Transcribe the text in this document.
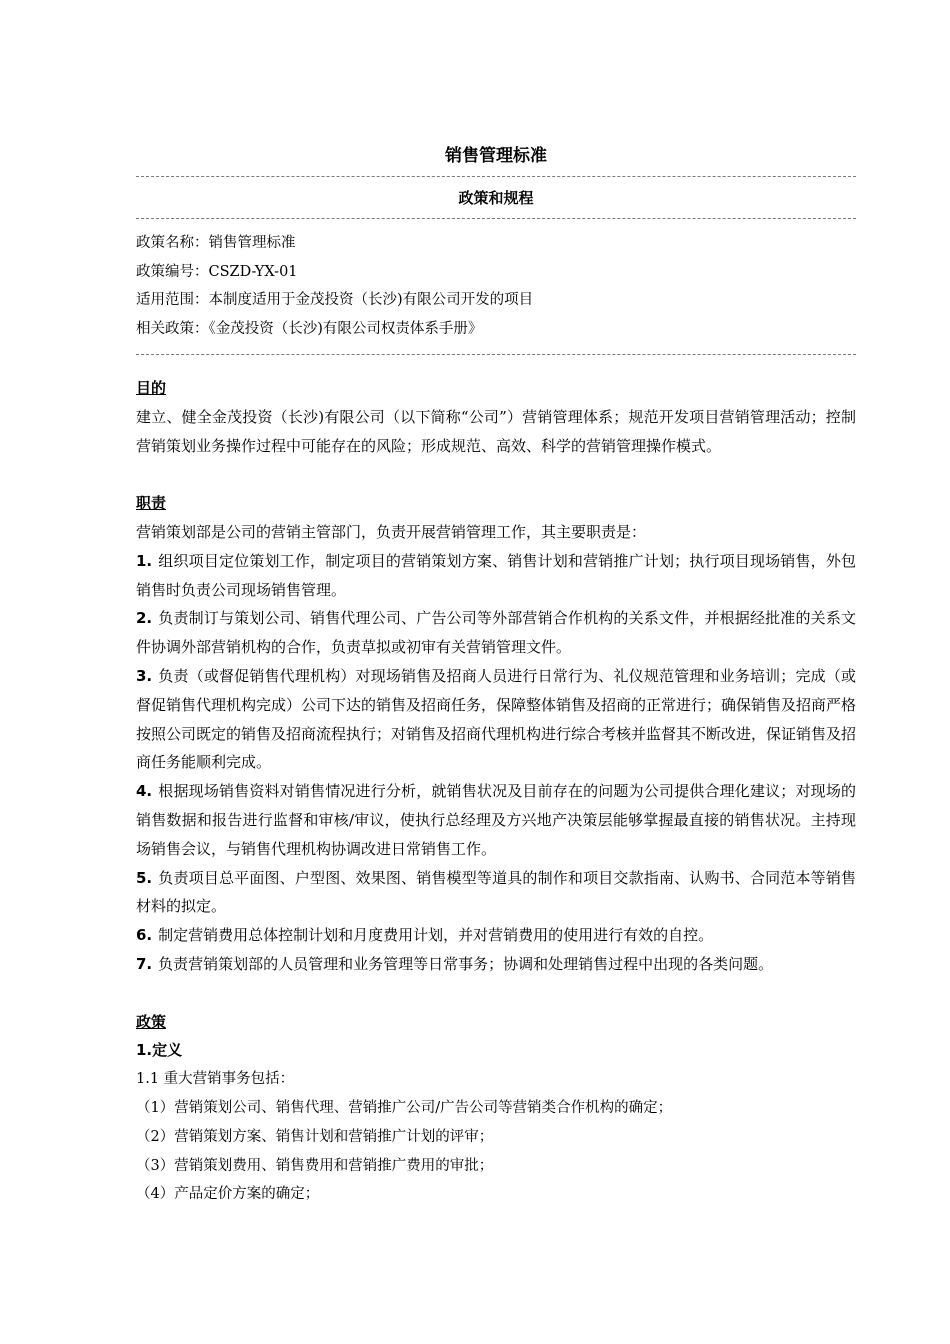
销售管理标准
政策和规程
政策名称：销售管理标准
政策编号：CSZD-YX-01
适用范围：本制度适用于金茂投资（长沙)有限公司开发的项目
相关政策：《金茂投资（长沙)有限公司权责体系手册》
目的
建立、健全金茂投资（长沙)有限公司（以下简称“公司”）营销管理体系；规范开发项目营销管理活动；控制营销策划业务操作过程中可能存在的风险；形成规范、高效、科学的营销管理操作模式。
职责
营销策划部是公司的营销主管部门，负责开展营销管理工作，其主要职责是：
1. 组织项目定位策划工作，制定项目的营销策划方案、销售计划和营销推广计划；执行项目现场销售，外包销售时负责公司现场销售管理。
2. 负责制订与策划公司、销售代理公司、广告公司等外部营销合作机构的关系文件，并根据经批准的关系文件协调外部营销机构的合作，负责草拟或初审有关营销管理文件。
3. 负责（或督促销售代理机构）对现场销售及招商人员进行日常行为、礼仪规范管理和业务培训；完成（或督促销售代理机构完成）公司下达的销售及招商任务，保障整体销售及招商的正常进行；确保销售及招商严格按照公司既定的销售及招商流程执行；对销售及招商代理机构进行综合考核并监督其不断改进，保证销售及招商任务能顺利完成。
4. 根据现场销售资料对销售情况进行分析，就销售状况及目前存在的问题为公司提供合理化建议；对现场的销售数据和报告进行监督和审核/审议，使执行总经理及方兴地产决策层能够掌握最直接的销售状况。主持现场销售会议，与销售代理机构协调改进日常销售工作。
5. 负责项目总平面图、户型图、效果图、销售模型等道具的制作和项目交款指南、认购书、合同范本等销售材料的拟定。
6. 制定营销费用总体控制计划和月度费用计划，并对营销费用的使用进行有效的自控。
7. 负责营销策划部的人员管理和业务管理等日常事务；协调和处理销售过程中出现的各类问题。
政策
1.定义
1.1 重大营销事务包括：
（1）营销策划公司、销售代理、营销推广公司/广告公司等营销类合作机构的确定；
（2）营销策划方案、销售计划和营销推广计划的评审；
（3）营销策划费用、销售费用和营销推广费用的审批；
（4）产品定价方案的确定；
